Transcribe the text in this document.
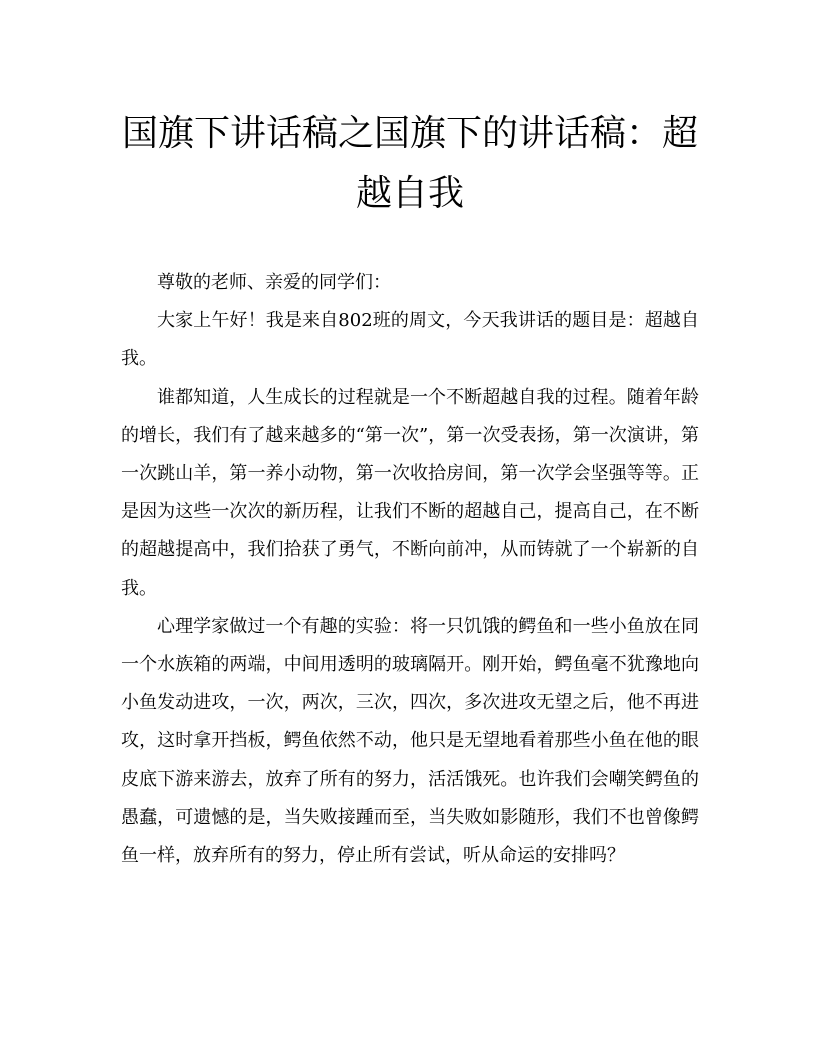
国旗下讲话稿之国旗下的讲话稿：超越自我

尊敬的老师、亲爱的同学们：

大家上午好！我是来自802班的周文，今天我讲话的题目是：超越自我。

谁都知道，人生成长的过程就是一个不断超越自我的过程。随着年龄的增长，我们有了越来越多的“第一次”，第一次受表扬，第一次演讲，第一次跳山羊，第一养小动物，第一次收拾房间，第一次学会坚强等等。正是因为这些一次次的新历程，让我们不断的超越自己，提高自己，在不断的超越提高中，我们拾获了勇气，不断向前冲，从而铸就了一个崭新的自我。

心理学家做过一个有趣的实验：将一只饥饿的鳄鱼和一些小鱼放在同一个水族箱的两端，中间用透明的玻璃隔开。刚开始，鳄鱼毫不犹豫地向小鱼发动进攻，一次，两次，三次，四次，多次进攻无望之后，他不再进攻，这时拿开挡板，鳄鱼依然不动，他只是无望地看着那些小鱼在他的眼皮底下游来游去，放弃了所有的努力，活活饿死。也许我们会嘲笑鳄鱼的愚蠢，可遗憾的是，当失败接踵而至，当失败如影随形，我们不也曾像鳄鱼一样，放弃所有的努力，停止所有尝试，听从命运的安排吗？
